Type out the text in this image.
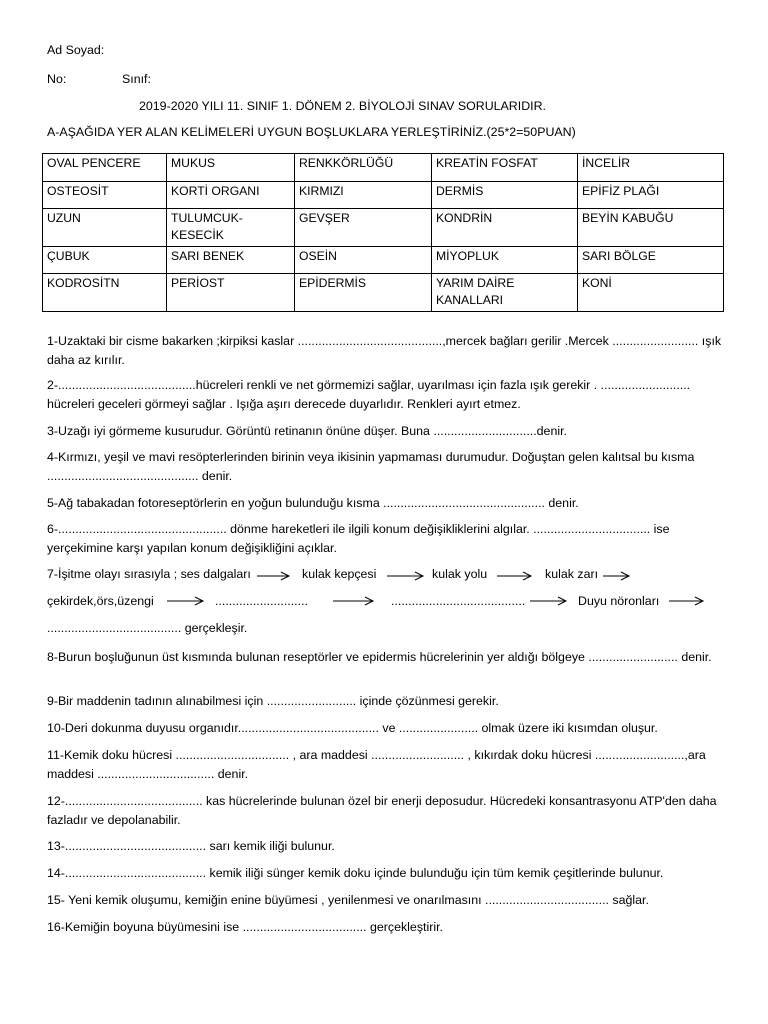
Ad Soyad:
No:	Sınıf:
2019-2020 YILI 11. SINIF 1. DÖNEM 2. BİYOLOJİ SINAV SORULARIDIR.
A-AŞAĞIDA YER ALAN KELİMELERİ UYGUN BOŞLUKLARA YERLEŞTİRİNİZ.(25*2=50PUAN)
OVAL PENCERE	MUKUS	RENKKÖRLÜĞÜ	KREATİN FOSFAT	İNCELİR
OSTEOSİT	KORTİ ORGANI	KIRMIZI	DERMİS	EPİFİZ PLAĞI
UZUN	TULUMCUK-KESECİK	GEVŞER	KONDRİN	BEYİN KABUĞU
ÇUBUK	SARI BENEK	OSEİN	MİYOPLUK	SARI BÖLGE
KODROSİTN	PERİOST	EPİDERMİS	YARIM DAİRE KANALLARI	KONİ
1-Uzaktaki bir cisme bakarken ;kirpiksi kaslar ..........................................,mercek bağları gerilir .Mercek ......................... ışık daha az kırılır.
2-........................................hücreleri renkli ve net görmemizi sağlar, uyarılması için fazla ışık gerekir . .......................... hücreleri geceleri görmeyi sağlar . Işığa aşırı derecede duyarlıdır. Renkleri ayırt etmez.
3-Uzağı iyi görmeme kusurudur. Görüntü retinanın önüne düşer. Buna ..............................denir.
4-Kırmızı, yeşil ve mavi resöpterlerinden birinin veya ikisinin yapmaması durumudur. Doğuştan gelen kalıtsal bu kısma ............................................ denir.
5-Ağ tabakadan fotoreseptörlerin en yoğun bulunduğu kısma ............................................... denir.
6-................................................. dönme hareketleri ile ilgili konum değişikliklerini algılar. .................................. ise yerçekimine karşı yapılan konum değişikliğini açıklar.
7-İşitme olayı sırasıyla ; ses dalgaları	kulak kepçesi	kulak yolu	kulak zarı
çekirdek,örs,üzengi	...........................	.......................................	Duyu nöronları
....................................... gerçekleşir.
8-Burun boşluğunun üst kısmında bulunan reseptörler ve epidermis hücrelerinin yer aldığı bölgeye .......................... denir.
9-Bir maddenin tadının alınabilmesi için .......................... içinde çözünmesi gerekir.
10-Deri dokunma duyusu organıdır......................................... ve ....................... olmak üzere iki kısımdan oluşur.
11-Kemik doku hücresi ................................. , ara maddesi ........................... , kıkırdak doku hücresi ..........................,ara maddesi .................................. denir.
12-........................................ kas hücrelerinde bulunan özel bir enerji deposudur. Hücredeki konsantrasyonu ATP'den daha fazladır ve depolanabilir.
13-......................................... sarı kemik iliği bulunur.
14-......................................... kemik iliği sünger kemik doku içinde bulunduğu için tüm kemik çeşitlerinde bulunur.
15- Yeni kemik oluşumu, kemiğin enine büyümesi , yenilenmesi ve onarılmasını .................................... sağlar.
16-Kemiğin boyuna büyümesini ise .................................... gerçekleştirir.
